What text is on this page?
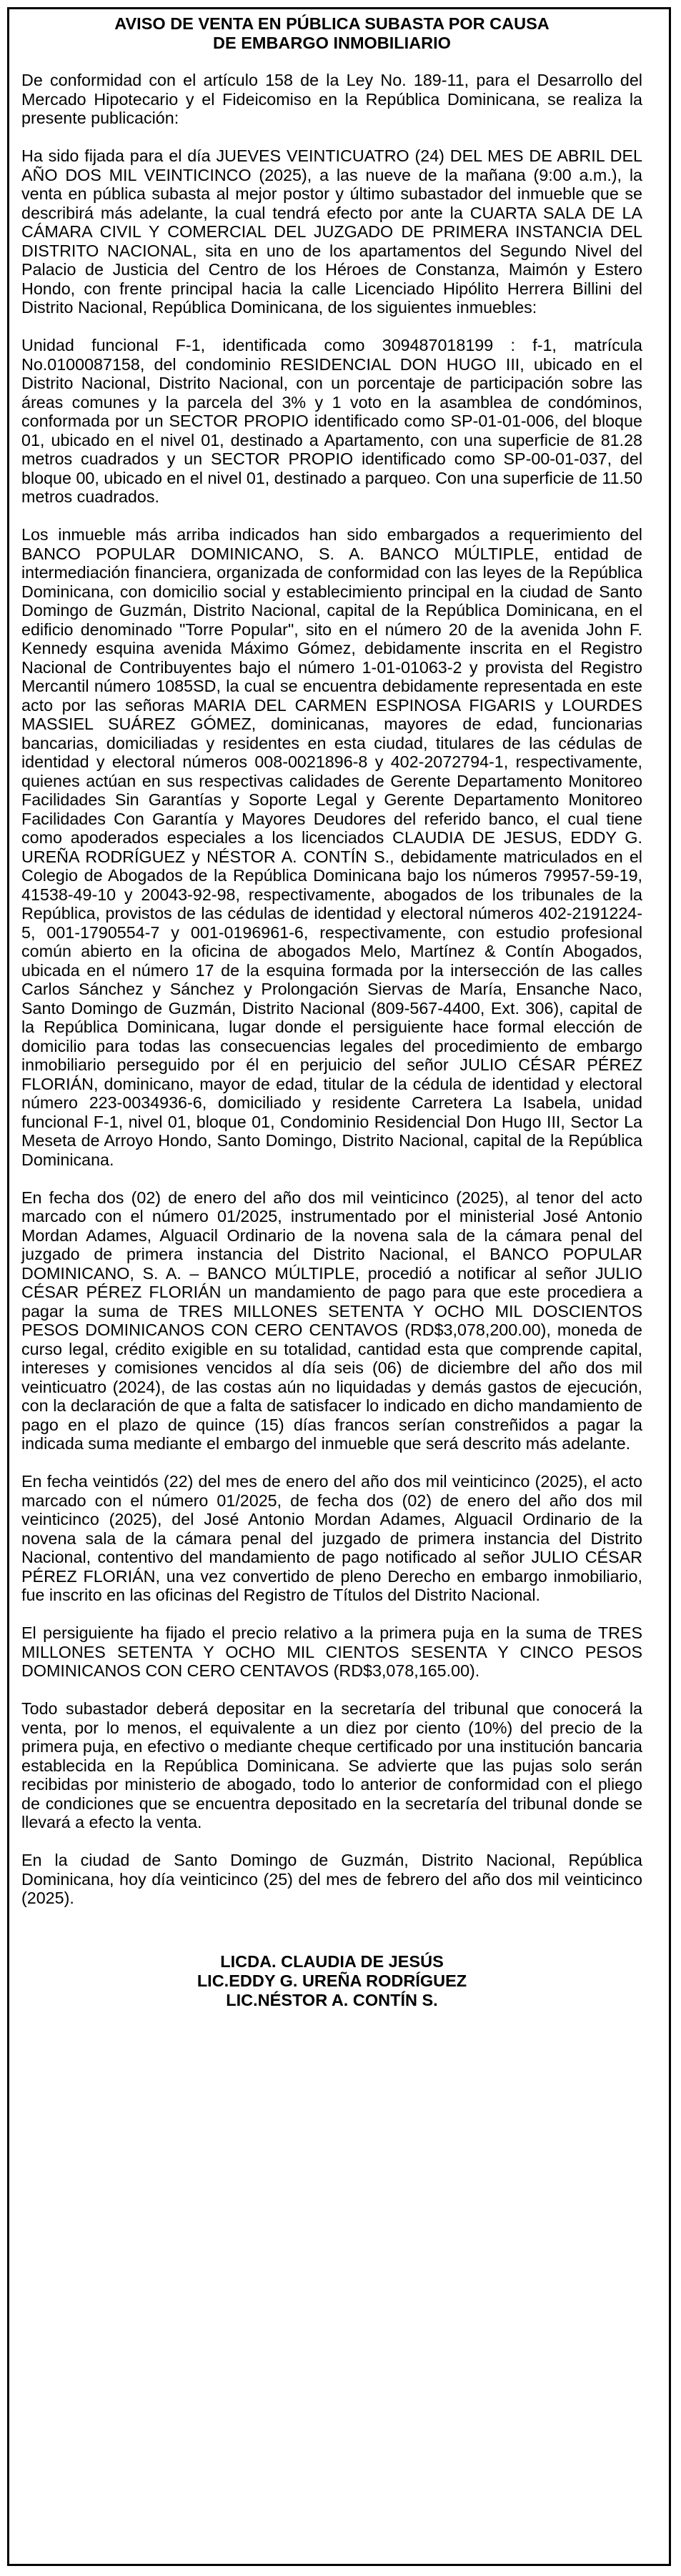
AVISO DE VENTA EN PÚBLICA SUBASTA POR CAUSA
DE EMBARGO INMOBILIARIO

De conformidad con el artículo 158 de la Ley No. 189-11, para el Desarrollo del Mercado Hipotecario y el Fideicomiso en la República Dominicana, se realiza la presente publicación:

Ha sido fijada para el día JUEVES VEINTICUATRO (24) DEL MES DE ABRIL DEL AÑO DOS MIL VEINTICINCO (2025), a las nueve de la mañana (9:00 a.m.), la venta en pública subasta al mejor postor y último subastador del inmueble que se describirá más adelante, la cual tendrá efecto por ante la CUARTA SALA DE LA CÁMARA CIVIL Y COMERCIAL DEL JUZGADO DE PRIMERA INSTANCIA DEL DISTRITO NACIONAL, sita en uno de los apartamentos del Segundo Nivel del Palacio de Justicia del Centro de los Héroes de Constanza, Maimón y Estero Hondo, con frente principal hacia la calle Licenciado Hipólito Herrera Billini del Distrito Nacional, República Dominicana, de los siguientes inmuebles:

Unidad funcional F-1, identificada como 309487018199 : f-1, matrícula No.0100087158, del condominio RESIDENCIAL DON HUGO III, ubicado en el Distrito Nacional, Distrito Nacional, con un porcentaje de participación sobre las áreas comunes y la parcela del 3% y 1 voto en la asamblea de condóminos, conformada por un SECTOR PROPIO identificado como SP-01-01-006, del bloque 01, ubicado en el nivel 01, destinado a Apartamento, con una superficie de 81.28 metros cuadrados y un SECTOR PROPIO identificado como SP-00-01-037, del bloque 00, ubicado en el nivel 01, destinado a parqueo. Con una superficie de 11.50 metros cuadrados.

Los inmueble más arriba indicados han sido embargados a requerimiento del BANCO POPULAR DOMINICANO, S. A. BANCO MÚLTIPLE, entidad de intermediación financiera, organizada de conformidad con las leyes de la República Dominicana, con domicilio social y establecimiento principal en la ciudad de Santo Domingo de Guzmán, Distrito Nacional, capital de la República Dominicana, en el edificio denominado "Torre Popular", sito en el número 20 de la avenida John F. Kennedy esquina avenida Máximo Gómez, debidamente inscrita en el Registro Nacional de Contribuyentes bajo el número 1-01-01063-2 y provista del Registro Mercantil número 1085SD, la cual se encuentra debidamente representada en este acto por las señoras MARIA DEL CARMEN ESPINOSA FIGARIS y LOURDES MASSIEL SUÁREZ GÓMEZ, dominicanas, mayores de edad, funcionarias bancarias, domiciliadas y residentes en esta ciudad, titulares de las cédulas de identidad y electoral números 008-0021896-8 y 402-2072794-1, respectivamente, quienes actúan en sus respectivas calidades de Gerente Departamento Monitoreo Facilidades Sin Garantías y Soporte Legal y Gerente Departamento Monitoreo Facilidades Con Garantía y Mayores Deudores del referido banco, el cual tiene como apoderados especiales a los licenciados CLAUDIA DE JESUS, EDDY G. UREÑA RODRÍGUEZ y NÉSTOR A. CONTÍN S., debidamente matriculados en el Colegio de Abogados de la República Dominicana bajo los números 79957-59-19, 41538-49-10 y 20043-92-98, respectivamente, abogados de los tribunales de la República, provistos de las cédulas de identidad y electoral números 402-2191224-5, 001-1790554-7 y 001-0196961-6, respectivamente, con estudio profesional común abierto en la oficina de abogados Melo, Martínez & Contín Abogados, ubicada en el número 17 de la esquina formada por la intersección de las calles Carlos Sánchez y Sánchez y Prolongación Siervas de María, Ensanche Naco, Santo Domingo de Guzmán, Distrito Nacional (809-567-4400, Ext. 306), capital de la República Dominicana, lugar donde el persiguiente hace formal elección de domicilio para todas las consecuencias legales del procedimiento de embargo inmobiliario perseguido por él en perjuicio del señor JULIO CÉSAR PÉREZ FLORIÁN, dominicano, mayor de edad, titular de la cédula de identidad y electoral número 223-0034936-6, domiciliado y residente Carretera La Isabela, unidad funcional F-1, nivel 01, bloque 01, Condominio Residencial Don Hugo III, Sector La Meseta de Arroyo Hondo, Santo Domingo, Distrito Nacional, capital de la República Dominicana.

En fecha dos (02) de enero del año dos mil veinticinco (2025), al tenor del acto marcado con el número 01/2025, instrumentado por el ministerial José Antonio Mordan Adames, Alguacil Ordinario de la novena sala de la cámara penal del juzgado de primera instancia del Distrito Nacional, el BANCO POPULAR DOMINICANO, S. A. – BANCO MÚLTIPLE, procedió a notificar al señor JULIO CÉSAR PÉREZ FLORIÁN un mandamiento de pago para que este procediera a pagar la suma de TRES MILLONES SETENTA Y OCHO MIL DOSCIENTOS PESOS DOMINICANOS CON CERO CENTAVOS (RD$3,078,200.00), moneda de curso legal, crédito exigible en su totalidad, cantidad esta que comprende capital, intereses y comisiones vencidos al día seis (06) de diciembre del año dos mil veinticuatro (2024), de las costas aún no liquidadas y demás gastos de ejecución, con la declaración de que a falta de satisfacer lo indicado en dicho mandamiento de pago en el plazo de quince (15) días francos serían constreñidos a pagar la indicada suma mediante el embargo del inmueble que será descrito más adelante.

En fecha veintidós (22) del mes de enero del año dos mil veinticinco (2025), el acto marcado con el número 01/2025, de fecha dos (02) de enero del año dos mil veinticinco (2025), del José Antonio Mordan Adames, Alguacil Ordinario de la novena sala de la cámara penal del juzgado de primera instancia del Distrito Nacional, contentivo del mandamiento de pago notificado al señor JULIO CÉSAR PÉREZ FLORIÁN, una vez convertido de pleno Derecho en embargo inmobiliario, fue inscrito en las oficinas del Registro de Títulos del Distrito Nacional.

El persiguiente ha fijado el precio relativo a la primera puja en la suma de TRES MILLONES SETENTA Y OCHO MIL CIENTOS SESENTA Y CINCO PESOS DOMINICANOS CON CERO CENTAVOS (RD$3,078,165.00).

Todo subastador deberá depositar en la secretaría del tribunal que conocerá la venta, por lo menos, el equivalente a un diez por ciento (10%) del precio de la primera puja, en efectivo o mediante cheque certificado por una institución bancaria establecida en la República Dominicana. Se advierte que las pujas solo serán recibidas por ministerio de abogado, todo lo anterior de conformidad con el pliego de condiciones que se encuentra depositado en la secretaría del tribunal donde se llevará a efecto la venta.

En la ciudad de Santo Domingo de Guzmán, Distrito Nacional, República Dominicana, hoy día veinticinco (25) del mes de febrero del año dos mil veinticinco (2025).

LICDA. CLAUDIA DE JESÚS
LIC.EDDY G. UREÑA RODRÍGUEZ
LIC.NÉSTOR A. CONTÍN S.
